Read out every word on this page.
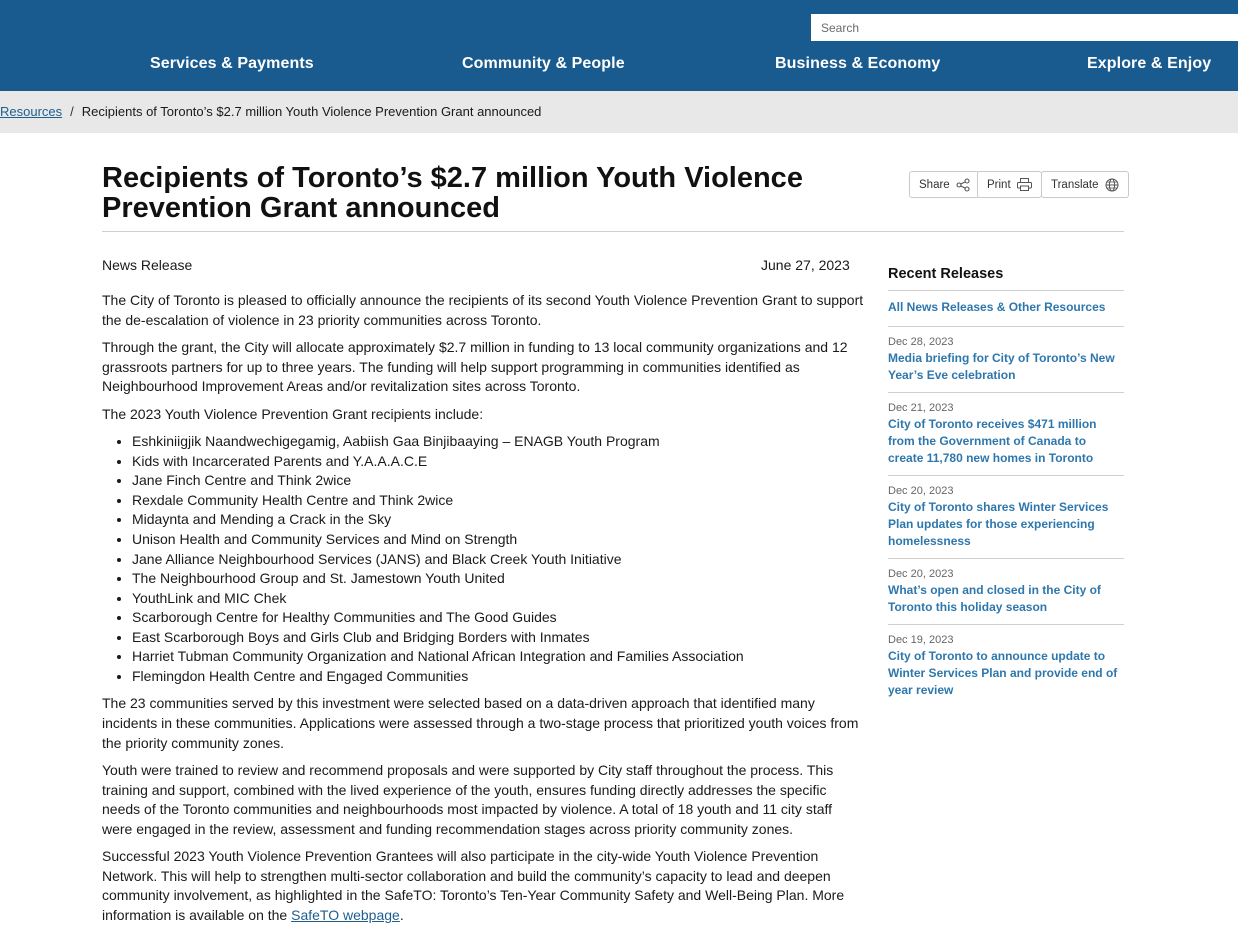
Search
Services & Payments	Community & People	Business & Economy	Explore & Enjoy
Resources / Recipients of Toronto’s $2.7 million Youth Violence Prevention Grant announced
Recipients of Toronto’s $2.7 million Youth Violence Prevention Grant announced
Share	Print	Translate
News Release	June 27, 2023

The City of Toronto is pleased to officially announce the recipients of its second Youth Violence Prevention Grant to support the de-escalation of violence in 23 priority communities across Toronto.

Through the grant, the City will allocate approximately $2.7 million in funding to 13 local community organizations and 12 grassroots partners for up to three years. The funding will help support programming in communities identified as Neighbourhood Improvement Areas and/or revitalization sites across Toronto.

The 2023 Youth Violence Prevention Grant recipients include:

• Eshkiniigjik Naandwechigegamig, Aabiish Gaa Binjibaaying – ENAGB Youth Program
• Kids with Incarcerated Parents and Y.A.A.A.C.E
• Jane Finch Centre and Think 2wice
• Rexdale Community Health Centre and Think 2wice
• Midaynta and Mending a Crack in the Sky
• Unison Health and Community Services and Mind on Strength
• Jane Alliance Neighbourhood Services (JANS) and Black Creek Youth Initiative
• The Neighbourhood Group and St. Jamestown Youth United
• YouthLink and MIC Chek
• Scarborough Centre for Healthy Communities and The Good Guides
• East Scarborough Boys and Girls Club and Bridging Borders with Inmates
• Harriet Tubman Community Organization and National African Integration and Families Association
• Flemingdon Health Centre and Engaged Communities

The 23 communities served by this investment were selected based on a data-driven approach that identified many incidents in these communities. Applications were assessed through a two-stage process that prioritized youth voices from the priority community zones.

Youth were trained to review and recommend proposals and were supported by City staff throughout the process. This training and support, combined with the lived experience of the youth, ensures funding directly addresses the specific needs of the Toronto communities and neighbourhoods most impacted by violence. A total of 18 youth and 11 city staff were engaged in the review, assessment and funding recommendation stages across priority community zones.

Successful 2023 Youth Violence Prevention Grantees will also participate in the city-wide Youth Violence Prevention Network. This will help to strengthen multi-sector collaboration and build the community’s capacity to lead and deepen community involvement, as highlighted in the SafeTO: Toronto’s Ten-Year Community Safety and Well-Being Plan. More information is available on the SafeTO webpage.

Recent Releases
All News Releases & Other Resources
Dec 28, 2023
Media briefing for City of Toronto’s New Year’s Eve celebration
Dec 21, 2023
City of Toronto receives $471 million from the Government of Canada to create 11,780 new homes in Toronto
Dec 20, 2023
City of Toronto shares Winter Services Plan updates for those experiencing homelessness
Dec 20, 2023
What’s open and closed in the City of Toronto this holiday season
Dec 19, 2023
City of Toronto to announce update to Winter Services Plan and provide end of year review
